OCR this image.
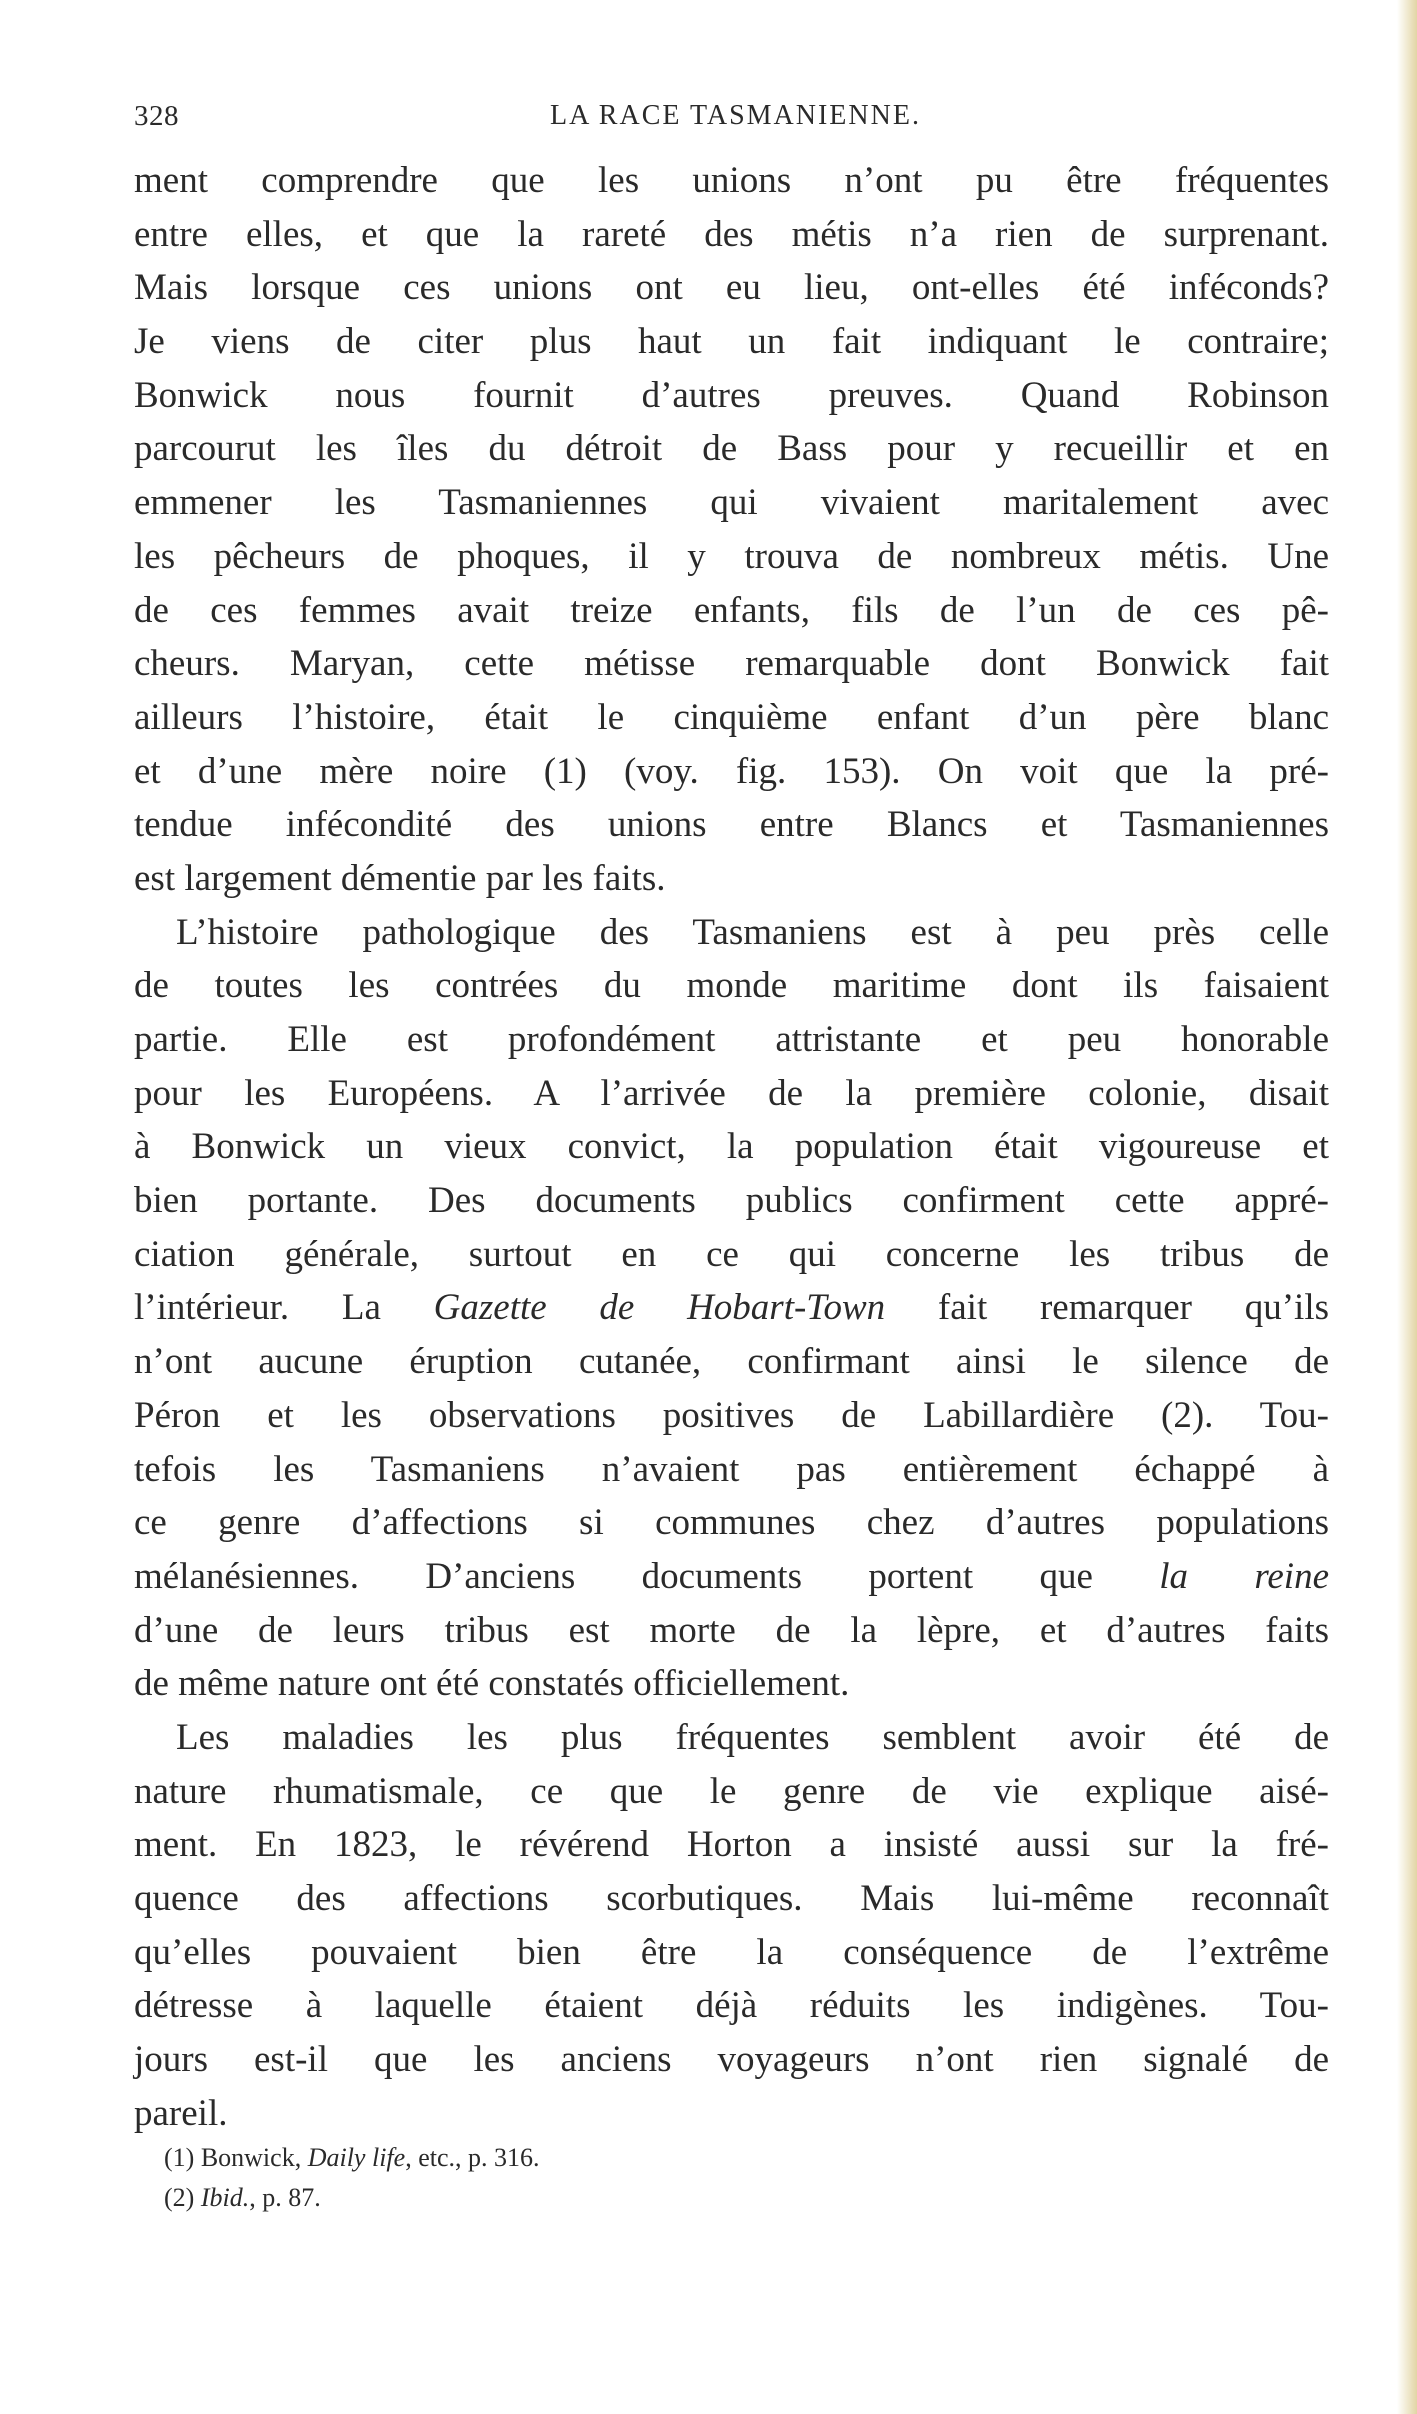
328	LA RACE TASMANIENNE.
ment comprendre que les unions n’ont pu être fréquentes
entre elles, et que la rareté des métis n’a rien de surprenant.
Mais lorsque ces unions ont eu lieu, ont-elles été inféconds?
Je viens de citer plus haut un fait indiquant le contraire;
Bonwick nous fournit d’autres preuves. Quand Robinson
parcourut les îles du détroit de Bass pour y recueillir et en
emmener les Tasmaniennes qui vivaient maritalement avec
les pêcheurs de phoques, il y trouva de nombreux métis. Une
de ces femmes avait treize enfants, fils de l’un de ces pê-
cheurs. Maryan, cette métisse remarquable dont Bonwick fait
ailleurs l’histoire, était le cinquième enfant d’un père blanc
et d’une mère noire (1) (voy. fig. 153). On voit que la pré-
tendue infécondité des unions entre Blancs et Tasmaniennes
est largement démentie par les faits.
L’histoire pathologique des Tasmaniens est à peu près celle
de toutes les contrées du monde maritime dont ils faisaient
partie. Elle est profondément attristante et peu honorable
pour les Européens. A l’arrivée de la première colonie, disait
à Bonwick un vieux convict, la population était vigoureuse et
bien portante. Des documents publics confirment cette appré-
ciation générale, surtout en ce qui concerne les tribus de
l’intérieur. La Gazette de Hobart-Town fait remarquer qu’ils
n’ont aucune éruption cutanée, confirmant ainsi le silence de
Péron et les observations positives de Labillardière (2). Tou-
tefois les Tasmaniens n’avaient pas entièrement échappé à
ce genre d’affections si communes chez d’autres populations
mélanésiennes. D’anciens documents portent que la reine
d’une de leurs tribus est morte de la lèpre, et d’autres faits
de même nature ont été constatés officiellement.
Les maladies les plus fréquentes semblent avoir été de
nature rhumatismale, ce que le genre de vie explique aisé-
ment. En 1823, le révérend Horton a insisté aussi sur la fré-
quence des affections scorbutiques. Mais lui-même reconnaît
qu’elles pouvaient bien être la conséquence de l’extrême
détresse à laquelle étaient déjà réduits les indigènes. Tou-
jours est-il que les anciens voyageurs n’ont rien signalé de
pareil.
(1) Bonwick, Daily life, etc., p. 316.
(2) Ibid., p. 87.
